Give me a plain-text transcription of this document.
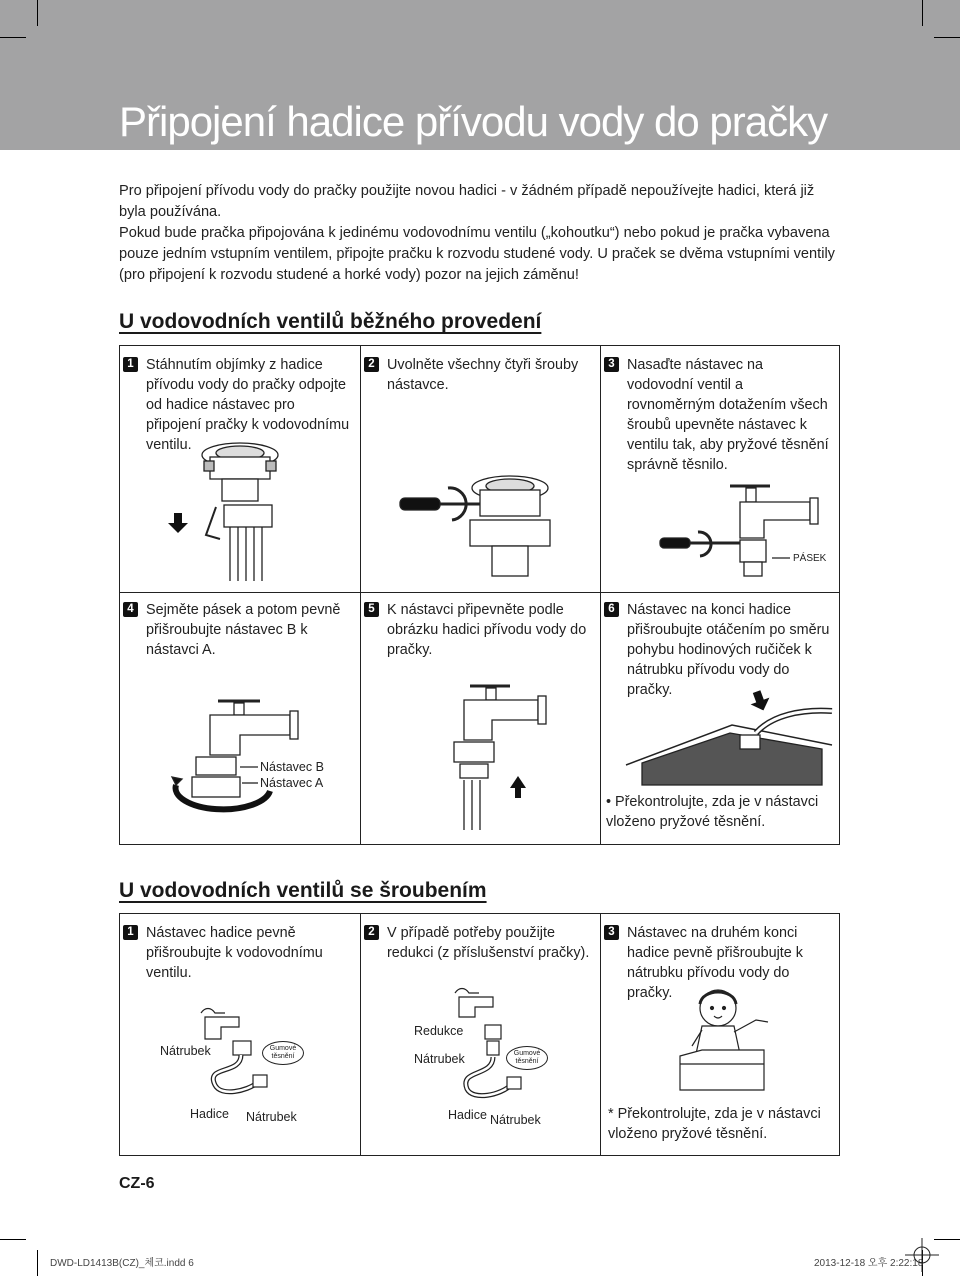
Připojení hadice přívodu vody do pračky

Pro připojení přívodu vody do pračky použijte novou hadici - v žádném případě nepoužívejte hadici, která již byla používána.

Pokud bude pračka připojována k jedinému vodovodnímu ventilu („kohoutku“) nebo pokud je pračka vybavena pouze jedním vstupním ventilem, připojte pračku k rozvodu studené vody. U praček se dvěma vstupními ventily (pro připojení k rozvodu studené a horké vody) pozor na jejich záměnu!

U vodovodních ventilů běžného provedení
1 Stáhnutím objímky z hadice přívodu vody do pračky odpojte od hadice nástavec pro připojení pračky k vodovodnímu ventilu.
2 Uvolněte všechny čtyři šrouby nástavce.
3 Nasaďte nástavec na vodovodní ventil a rovnoměrným dotažením všech šroubů upevněte nástavec k ventilu tak, aby pryžové těsnění správně těsnilo.
4 Sejměte pásek a potom pevně přišroubujte nástavec B k nástavci A.
5 K nástavci připevněte podle obrázku hadici přívodu vody do pračky.
6 Nástavec na konci hadice přišroubujte otáčením po směru pohybu hodinových ručiček k nátrubku přívodu vody do pračky.
PÁSEK
Nástavec B
Nástavec A
• Překontrolujte, zda je v nástavci vloženo pryžové těsnění.
U vodovodních ventilů se šroubením
1 Nástavec hadice pevně přišroubujte k vodovodnímu ventilu.
2 V případě potřeby použijte redukci (z příslušenství pračky).
3 Nástavec na druhém konci hadice pevně přišroubujte k nátrubku přívodu vody do pračky.
Nátrubek	Gumové těsnění
Hadice Nátrubek
Redukce
Nátrubek	Gumové těsnění
Hadice Nátrubek	* Překontrolujte, zda je v nástavci vloženo pryžové těsnění.
CZ-6
DWD-LD1413B(CZ)_체코.indd 6	2013-12-18 오후 2:22:18
